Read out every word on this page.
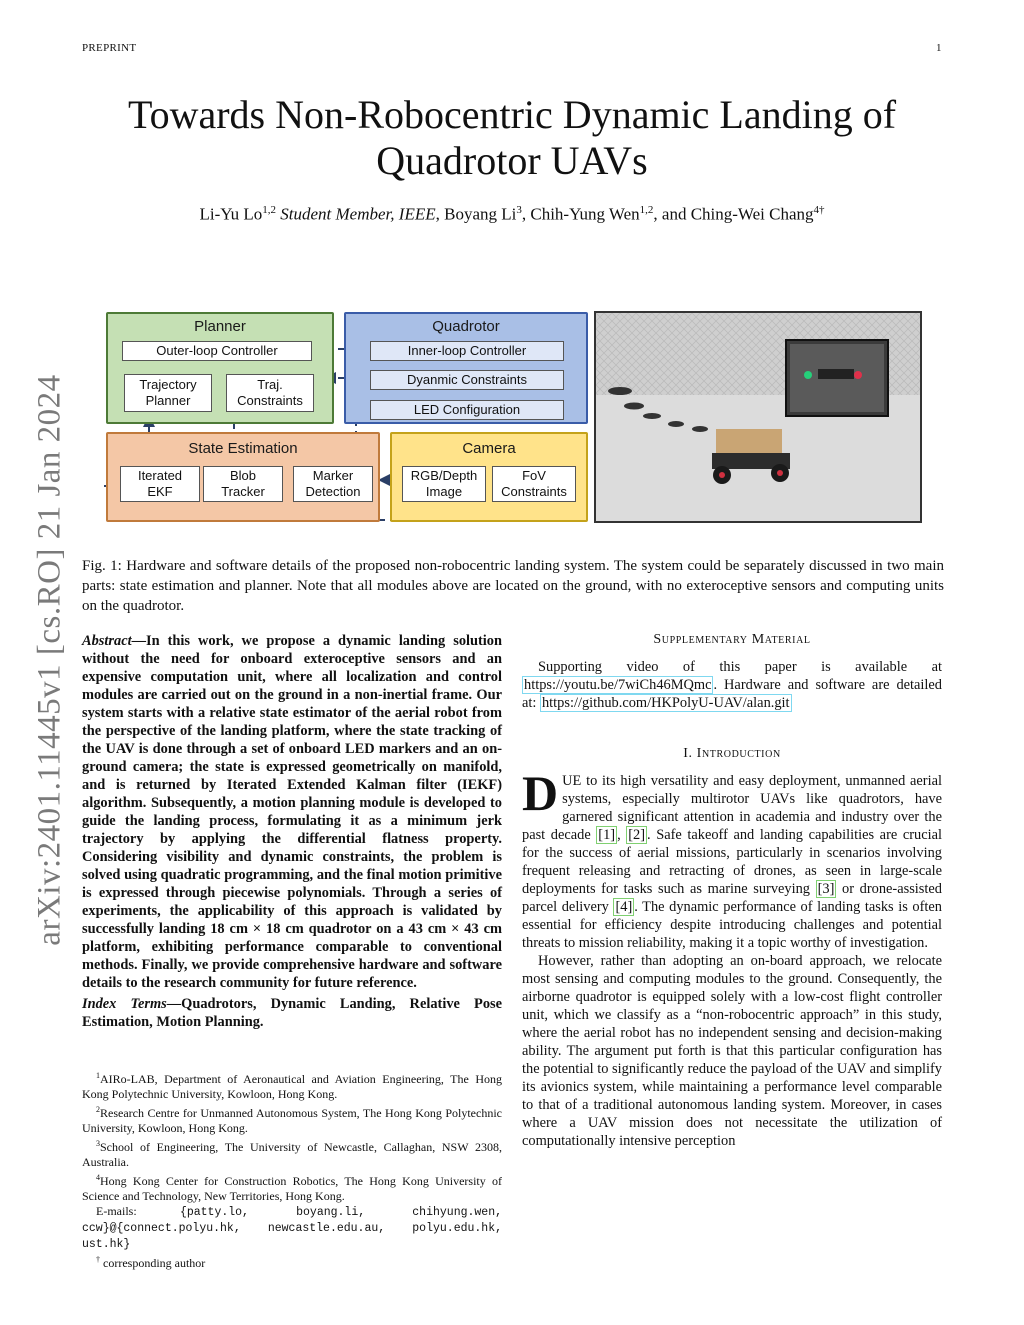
PREPRINT	1
Towards Non-Robocentric Dynamic Landing of
Quadrotor UAVs
Li-Yu Lo$^{1,2}$ Student Member, IEEE, Boyang Li$^3$, Chih-Yung Wen$^{1,2}$, and Ching-Wei Chang$^{4\dagger}$
arXiv:2401.11445v1 [cs.RO] 21 Jan 2024
Planner
Outer-loop Controller
Trajectory
Planner
Traj.
Constraints
Quadrotor
Inner-loop Controller
Dyanmic Constraints
LED Configuration
State Estimation
Iterated
EKF
Blob
Tracker
Marker
Detection
Camera
RGB/Depth
Image
FoV
Constraints
Fig. 1: Hardware and software details of the proposed non-robocentric landing system. The system could be separately discussed in two main parts: state estimation and planner. Note that all modules above are located on the ground, with no exteroceptive sensors and computing units on the quadrotor.
Abstract—In this work, we propose a dynamic landing solution without the need for onboard exteroceptive sensors and an expensive computation unit, where all localization and control modules are carried out on the ground in a non-inertial frame. Our system starts with a relative state estimator of the aerial robot from the perspective of the landing platform, where the state tracking of the UAV is done through a set of onboard LED markers and an on-ground camera; the state is expressed geometrically on manifold, and is returned by Iterated Extended Kalman filter (IEKF) algorithm. Subsequently, a motion planning module is developed to guide the landing process, formulating it as a minimum jerk trajectory by applying the differential flatness property. Considering visibility and dynamic constraints, the problem is solved using quadratic programming, and the final motion primitive is expressed through piecewise polynomials. Through a series of experiments, the applicability of this approach is validated by successfully landing 18 cm × 18 cm quadrotor on a 43 cm × 43 cm platform, exhibiting performance comparable to conventional methods. Finally, we provide comprehensive hardware and software details to the research community for future reference.
Index Terms—Quadrotors, Dynamic Landing, Relative Pose Estimation, Motion Planning.

$^1$AIRo-LAB, Department of Aeronautical and Aviation Engineering, The Hong Kong Polytechnic University, Kowloon, Hong Kong.

$^2$Research Centre for Unmanned Autonomous System, The Hong Kong Polytechnic University, Kowloon, Hong Kong.

$^3$School of Engineering, The University of Newcastle, Callaghan, NSW 2308, Australia.

$^4$Hong Kong Center for Construction Robotics, The Hong Kong University of Science and Technology, New Territories, Hong Kong.

E-mails:	{patty.lo, boyang.li, chihyung.wen, ccw}@{connect.polyu.hk, newcastle.edu.au, polyu.edu.hk, ust.hk}

† corresponding author

Supplementary Material

Supporting video of this paper is available at https://youtu.be/7wiCh46MQmc . Hardware and software are detailed at: https://github.com/HKPolyU-UAV/alan.git

I. Introduction

DUE to its high versatility and easy deployment, unmanned aerial systems, especially multirotor UAVs like quadrotors, have garnered significant attention in academia and industry over the past decade [1] , [2] . Safe takeoff and landing capabilities are crucial for the success of aerial missions, particularly in scenarios involving frequent releasing and retracting of drones, as seen in large-scale deployments for tasks such as marine surveying [3] or drone-assisted parcel delivery [4] . The dynamic performance of landing tasks is often essential for efficiency despite introducing challenges and potential threats to mission reliability, making it a topic worthy of investigation.

However, rather than adopting an on-board approach, we relocate most sensing and computing modules to the ground. Consequently, the airborne quadrotor is equipped solely with a low-cost flight controller unit, which we classify as a “non-robocentric approach” in this study, where the aerial robot has no independent sensing and decision-making ability. The argument put forth is that this particular configuration has the potential to significantly reduce the payload of the UAV and simplify its avionics system, while maintaining a performance level comparable to that of a traditional autonomous landing system. Moreover, in cases where a UAV mission does not necessitate the utilization of computationally intensive perception
